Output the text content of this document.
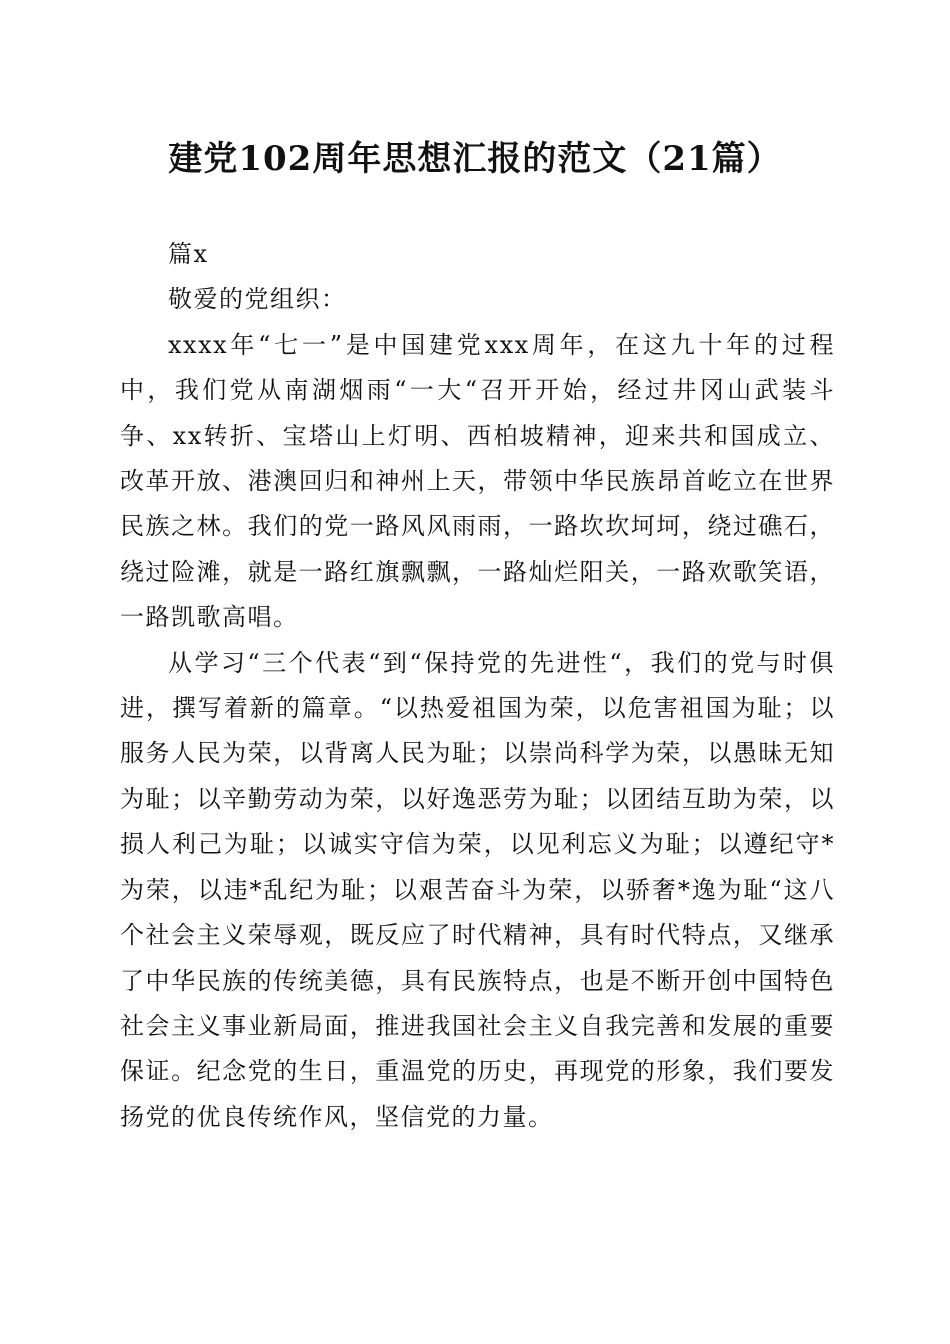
建党102周年思想汇报的范文（21篇）

篇x

敬爱的党组织：

xxxx年“七一”是中国建党xxx周年，在这九十年的过程中，我们党从南湖烟雨“一大“召开开始，经过井冈山武装斗争、xx转折、宝塔山上灯明、西柏坡精神，迎来共和国成立、改革开放、港澳回归和神州上天，带领中华民族昂首屹立在世界民族之林。我们的党一路风风雨雨，一路坎坎坷坷，绕过礁石，绕过险滩，就是一路红旗飘飘，一路灿烂阳关，一路欢歌笑语，一路凯歌高唱。

从学习“三个代表“到“保持党的先进性“，我们的党与时俱进，撰写着新的篇章。“以热爱祖国为荣，以危害祖国为耻；以服务人民为荣，以背离人民为耻；以崇尚科学为荣，以愚昧无知为耻；以辛勤劳动为荣，以好逸恶劳为耻；以团结互助为荣，以损人利己为耻；以诚实守信为荣，以见利忘义为耻；以遵纪守*为荣，以违*乱纪为耻；以艰苦奋斗为荣，以骄奢*逸为耻“这八个社会主义荣辱观，既反应了时代精神，具有时代特点，又继承了中华民族的传统美德，具有民族特点，也是不断开创中国特色社会主义事业新局面，推进我国社会主义自我完善和发展的重要保证。纪念党的生日，重温党的历史，再现党的形象，我们要发扬党的优良传统作风，坚信党的力量。
